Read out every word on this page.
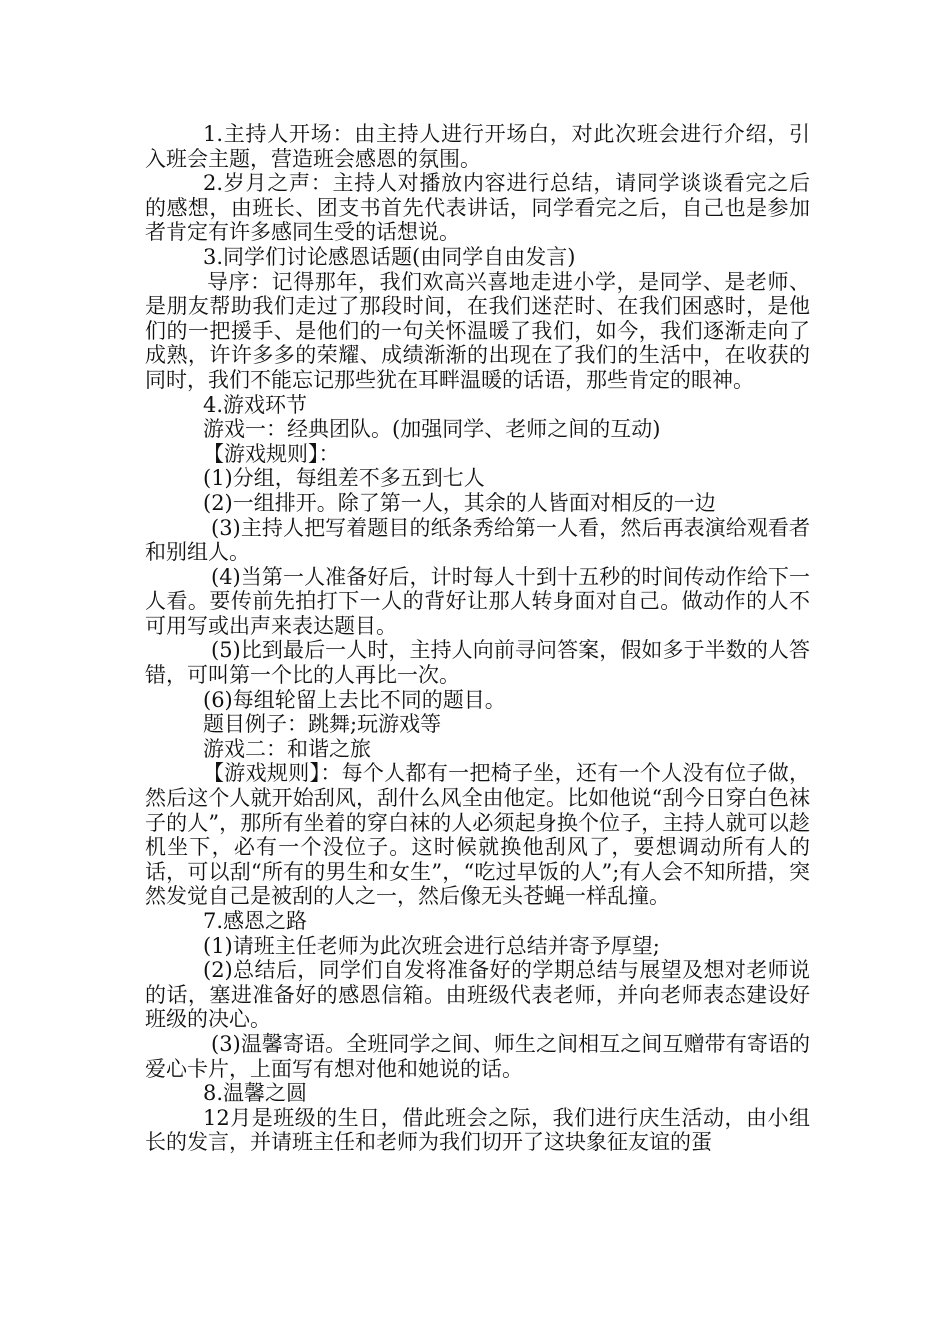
1.主持人开场：由主持人进行开场白，对此次班会进行介绍，引入班会主题，营造班会感恩的氛围。

2.岁月之声：主持人对播放内容进行总结，请同学谈谈看完之后的感想，由班长、团支书首先代表讲话，同学看完之后，自己也是参加者肯定有许多感同生受的话想说。

3.同学们讨论感恩话题(由同学自由发言)

导序：记得那年，我们欢高兴喜地走进小学，是同学、是老师、是朋友帮助我们走过了那段时间，在我们迷茫时、在我们困惑时，是他们的一把援手、是他们的一句关怀温暖了我们，如今，我们逐渐走向了成熟，许许多多的荣耀、成绩渐渐的出现在了我们的生活中，在收获的同时，我们不能忘记那些犹在耳畔温暖的话语，那些肯定的眼神。

4.游戏环节

游戏一：经典团队。(加强同学、老师之间的互动)

【游戏规则】：

(1)分组，每组差不多五到七人

(2)一组排开。除了第一人，其余的人皆面对相反的一边

(3)主持人把写着题目的纸条秀给第一人看，然后再表演给观看者和别组人。

(4)当第一人准备好后，计时每人十到十五秒的时间传动作给下一人看。要传前先拍打下一人的背好让那人转身面对自己。做动作的人不可用写或出声来表达题目。

(5)比到最后一人时，主持人向前寻问答案，假如多于半数的人答错，可叫第一个比的人再比一次。

(6)每组轮留上去比不同的题目。

题目例子：跳舞;玩游戏等

游戏二：和谐之旅

【游戏规则】：每个人都有一把椅子坐，还有一个人没有位子做，然后这个人就开始刮风，刮什么风全由他定。比如他说“刮今日穿白色袜子的人”，那所有坐着的穿白袜的人必须起身换个位子，主持人就可以趁机坐下，必有一个没位子。这时候就换他刮风了，要想调动所有人的话，可以刮“所有的男生和女生”，“吃过早饭的人”;有人会不知所措，突然发觉自己是被刮的人之一，然后像无头苍蝇一样乱撞。

7.感恩之路

(1)请班主任老师为此次班会进行总结并寄予厚望;

(2)总结后，同学们自发将准备好的学期总结与展望及想对老师说的话，塞进准备好的感恩信箱。由班级代表老师，并向老师表态建设好班级的决心。

(3)温馨寄语。全班同学之间、师生之间相互之间互赠带有寄语的爱心卡片，上面写有想对他和她说的话。

8.温馨之圆

12月是班级的生日，借此班会之际，我们进行庆生活动，由小组长的发言，并请班主任和老师为我们切开了这块象征友谊的蛋
